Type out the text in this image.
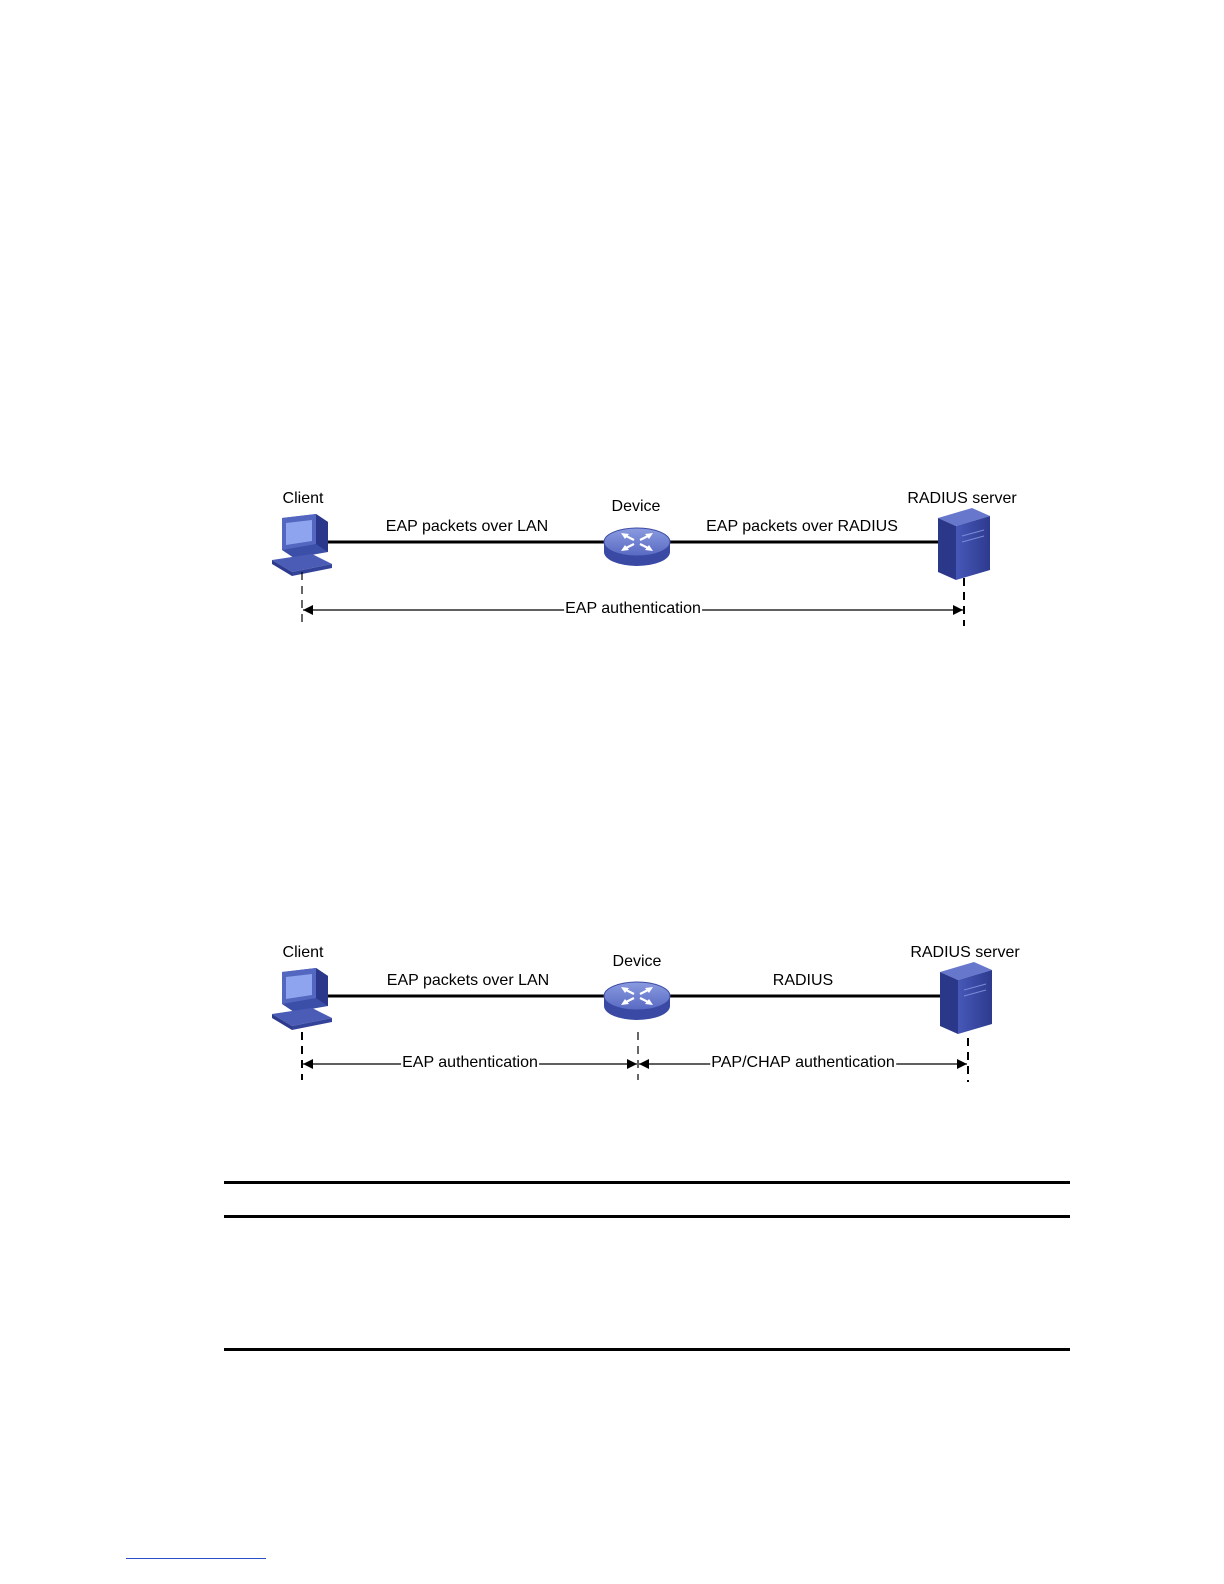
Client	Device	RADIUS server
EAP packets over LAN	EAP packets over RADIUS
EAP authentication
Client
Device
RADIUS server
EAP packets over LAN	RADIUS
EAP authentication	PAP/CHAP authentication
